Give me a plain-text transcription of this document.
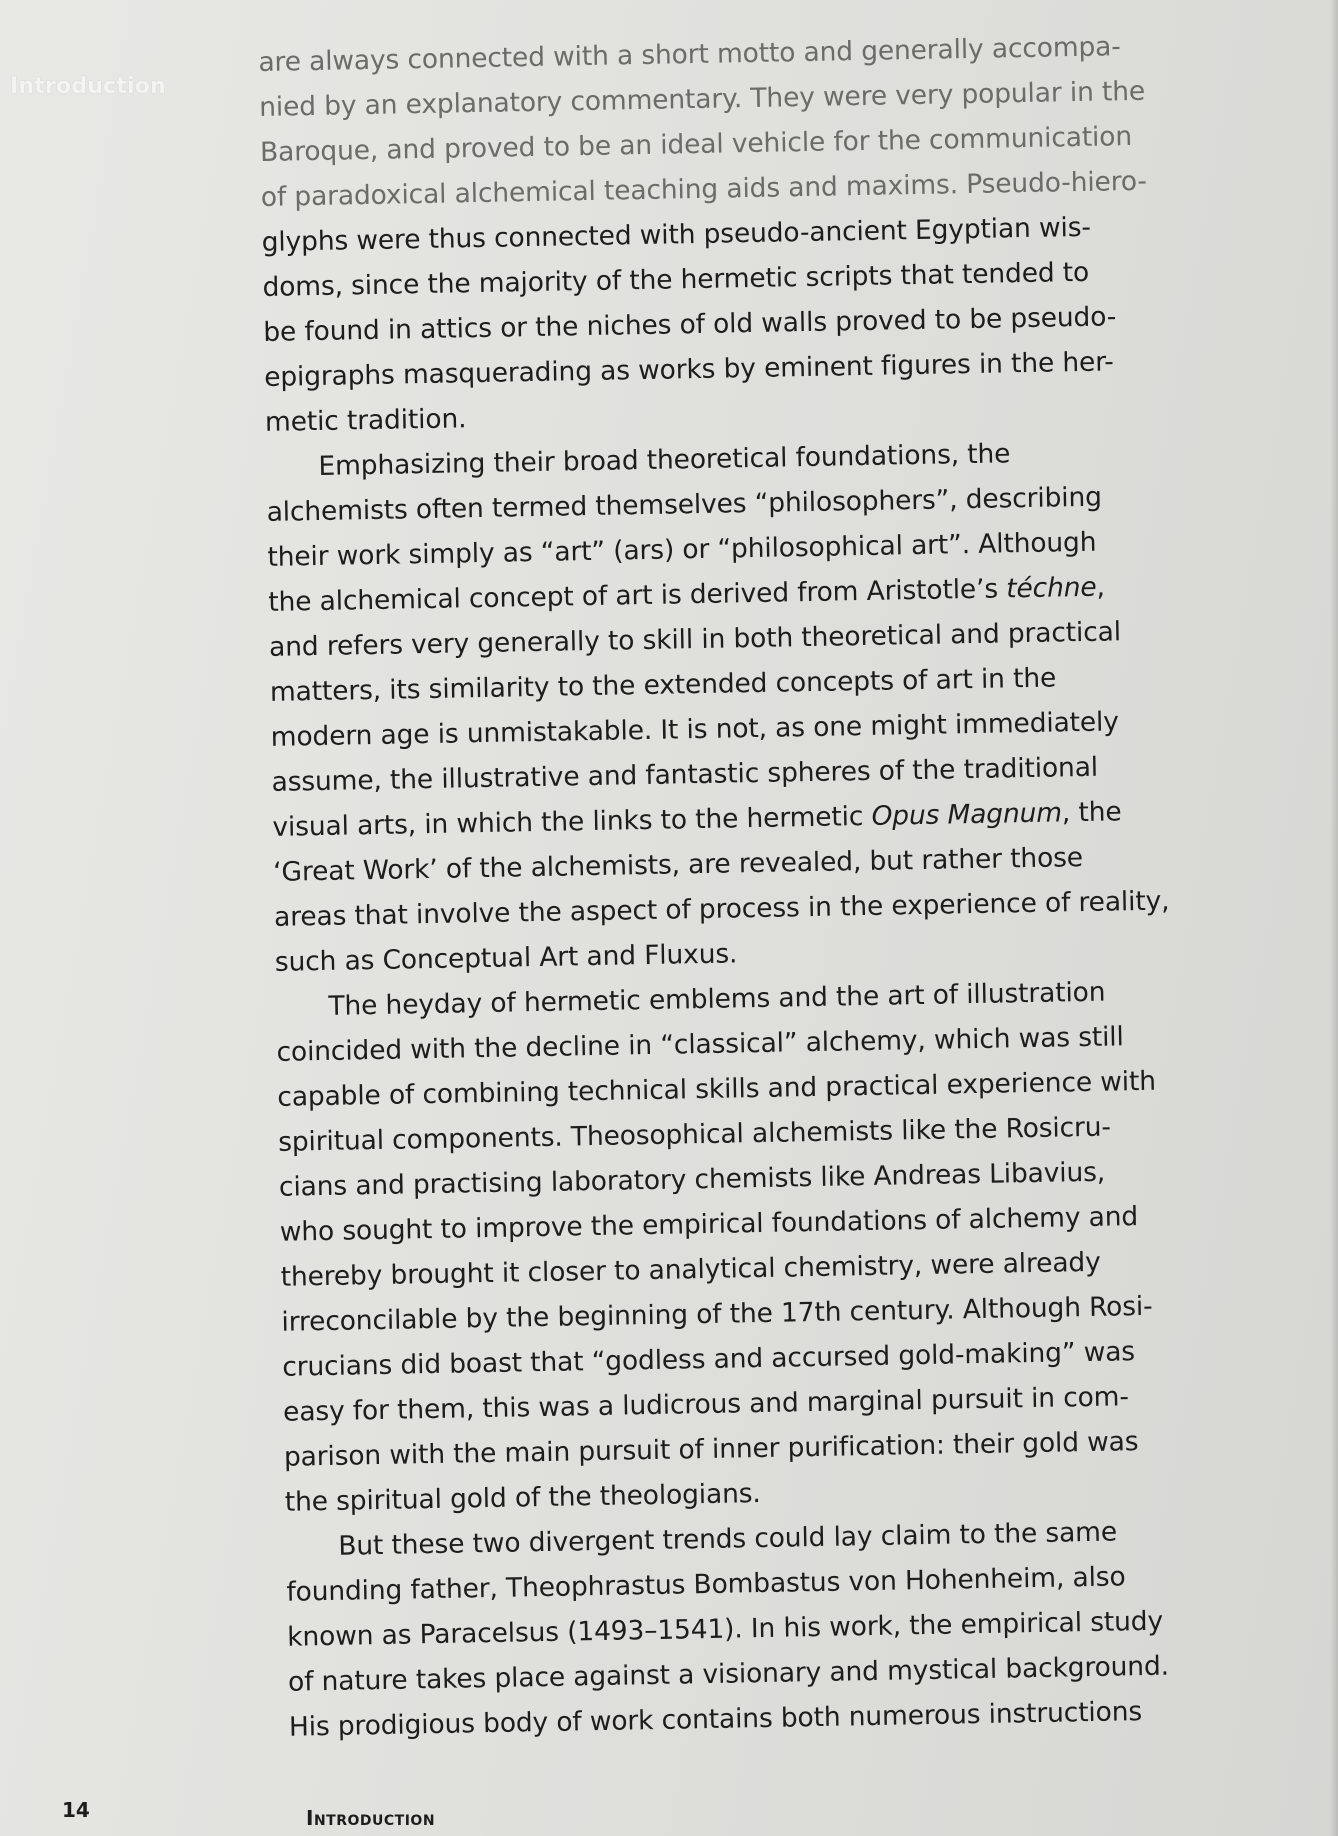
Introduction
are always connected with a short motto and generally accompa-
nied by an explanatory commentary. They were very popular in the
Baroque, and proved to be an ideal vehicle for the communication
of paradoxical alchemical teaching aids and maxims. Pseudo-hiero-
glyphs were thus connected with pseudo-ancient Egyptian wis-
doms, since the majority of the hermetic scripts that tended to
be found in attics or the niches of old walls proved to be pseudo-
epigraphs masquerading as works by eminent figures in the her-
metic tradition.
  Emphasizing their broad theoretical foundations, the
alchemists often termed themselves “philosophers”, describing
their work simply as “art” (ars) or “philosophical art”. Although
the alchemical concept of art is derived from Aristotle’s téchne,
and refers very generally to skill in both theoretical and practical
matters, its similarity to the extended concepts of art in the
modern age is unmistakable. It is not, as one might immediately
assume, the illustrative and fantastic spheres of the traditional
visual arts, in which the links to the hermetic Opus Magnum, the
‘Great Work’ of the alchemists, are revealed, but rather those
areas that involve the aspect of process in the experience of reality,
such as Conceptual Art and Fluxus.
  The heyday of hermetic emblems and the art of illustration
coincided with the decline in “classical” alchemy, which was still
capable of combining technical skills and practical experience with
spiritual components. Theosophical alchemists like the Rosicru-
cians and practising laboratory chemists like Andreas Libavius,
who sought to improve the empirical foundations of alchemy and
thereby brought it closer to analytical chemistry, were already
irreconcilable by the beginning of the 17th century. Although Rosi-
crucians did boast that “godless and accursed gold-making” was
easy for them, this was a ludicrous and marginal pursuit in com-
parison with the main pursuit of inner purification: their gold was
the spiritual gold of the theologians.
  But these two divergent trends could lay claim to the same
founding father, Theophrastus Bombastus von Hohenheim, also
known as Paracelsus (1493–1541). In his work, the empirical study
of nature takes place against a visionary and mystical background.
His prodigious body of work contains both numerous instructions
14	Introduction
